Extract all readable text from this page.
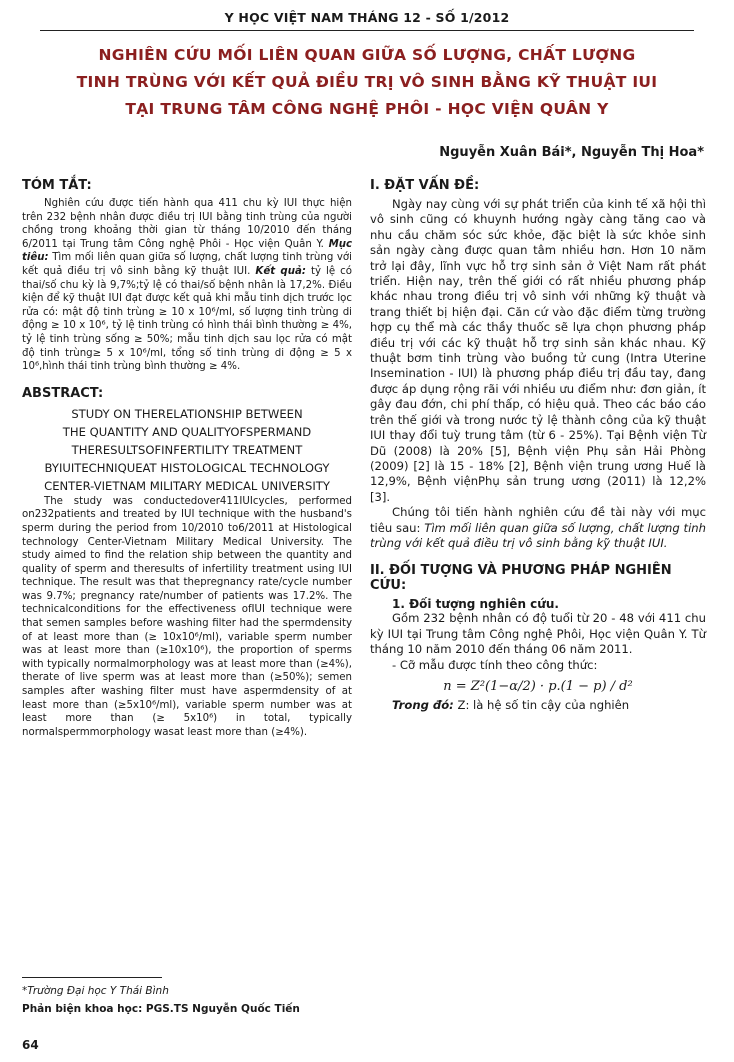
Y HỌC VIỆT NAM THÁNG 12 - SỐ 1/2012
NGHIÊN CỨU MỐI LIÊN QUAN GIỮA SỐ LƯỢNG, CHẤT LƯỢNG
TINH TRÙNG VỚI KẾT QUẢ ĐIỀU TRỊ VÔ SINH BẰNG KỸ THUẬT IUI
TẠI TRUNG TÂM CÔNG NGHỆ PHÔI - HỌC VIỆN QUÂN Y
Nguyễn Xuân Bái*, Nguyễn Thị Hoa*
TÓM TẮT:

Nghiên cứu được tiến hành qua 411 chu kỳ IUI thực hiện trên 232 bệnh nhân được điều trị IUI bằng tinh trùng của người chồng trong khoảng thời gian từ tháng 10/2010 đến tháng 6/2011 tại Trung tâm Công nghệ Phôi - Học viện Quân Y. Mục tiêu: Tìm mối liên quan giữa số lượng, chất lượng tinh trùng với kết quả điều trị vô sinh bằng kỹ thuật IUI. Kết quả: tỷ lệ có thai/số chu kỳ là 9,7%;tỷ lệ có thai/số bệnh nhân là 17,2%. Điều kiện để kỹ thuật IUI đạt được kết quả khi mẫu tinh dịch trước lọc rửa có: mật độ tinh trùng ≥ 10 x 10⁶/ml, số lượng tinh trùng di động ≥ 10 x 10⁶, tỷ lệ tinh trùng có hình thái bình thường ≥ 4%, tỷ lệ tinh trùng sống ≥ 50%; mẫu tinh dịch sau lọc rửa có mật độ tinh trùng≥ 5 x 10⁶/ml, tổng số tinh trùng di động ≥ 5 x 10⁶,hình thái tinh trùng bình thường ≥ 4%.

ABSTRACT:
STUDY ON THERELATIONSHIP BETWEEN
THE QUANTITY AND QUALITYOFSPERMAND
THERESULTSOFINFERTILITY TREATMENT
BYIUITECHNIQUEAT HISTOLOGICAL TECHNOLOGY
CENTER-VIETNAM MILITARY MEDICAL UNIVERSITY

The study was conductedover411IUIcycles, performed on232patients and treated by IUI technique with the husband's sperm during the period from 10/2010 to6/2011 at Histological technology Center-Vietnam Military Medical University. The study aimed to find the relation ship between the quantity and quality of sperm and theresults of infertility treatment using IUI technique. The result was that thepregnancy rate/cycle number was 9.7%; pregnancy rate/number of patients was 17.2%. The technicalconditions for the effectiveness ofIUI technique were that semen samples before washing filter had the spermdensity of at least more than (≥ 10x10⁶/ml), variable sperm number was at least more than (≥10x10⁶), the proportion of sperms with typically normalmorphology was at least more than (≥4%), therate of live sperm was at least more than (≥50%); semen samples after washing filter must have aspermdensity of at least more than (≥5x10⁶/ml), variable sperm number was at least more than (≥ 5x10⁶) in total, typically normalspermmorphology wasat least more than (≥4%).

I. ĐẶT VẤN ĐỀ:

Ngày nay cùng với sự phát triển của kinh tế xã hội thì vô sinh cũng có khuynh hướng ngày càng tăng cao và nhu cầu chăm sóc sức khỏe, đặc biệt là sức khỏe sinh sản ngày càng được quan tâm nhiều hơn. Hơn 10 năm trở lại đây, lĩnh vực hỗ trợ sinh sản ở Việt Nam rất phát triển. Hiện nay, trên thế giới có rất nhiều phương pháp khác nhau trong điều trị vô sinh với những kỹ thuật và trang thiết bị hiện đại. Căn cứ vào đặc điểm từng trường hợp cụ thể mà các thầy thuốc sẽ lựa chọn phương pháp điều trị với các kỹ thuật hỗ trợ sinh sản khác nhau. Kỹ thuật bơm tinh trùng vào buồng tử cung (Intra Uterine Insemination - IUI) là phương pháp điều trị đầu tay, đang được áp dụng rộng rãi với nhiều ưu điểm như: đơn giản, ít gây đau đớn, chi phí thấp, có hiệu quả. Theo các báo cáo trên thế giới và trong nước tỷ lệ thành công của kỹ thuật IUI thay đổi tuỳ trung tâm (từ 6 - 25%). Tại Bệnh viện Từ Dũ (2008) là 20% [5], Bệnh viện Phụ sản Hải Phòng (2009) [2] là 15 - 18% [2], Bệnh viện trung ương Huế là 12,9%, Bệnh việnPhụ sản trung ương (2011) là 12,2% [3].

Chúng tôi tiến hành nghiên cứu đề tài này với mục tiêu sau: Tìm mối liên quan giữa số lượng, chất lượng tinh trùng với kết quả điều trị vô sinh bằng kỹ thuật IUI.

II. ĐỐI TƯỢNG VÀ PHƯƠNG PHÁP NGHIÊN CỨU:
1. Đối tượng nghiên cứu.

Gồm 232 bệnh nhân có độ tuổi từ 20 - 48 với 411 chu kỳ IUI tại Trung tâm Công nghệ Phôi, Học viện Quân Y. Từ tháng 10 năm 2010 đến tháng 06 năm 2011.

- Cỡ mẫu được tính theo công thức:

n = Z²(1−α/2) · p.(1 − p) / d²

Trong đó: Z: là hệ số tin cậy của nghiên

*Trường Đại học Y Thái Bình
Phản biện khoa học: PGS.TS Nguyễn Quốc Tiến
64
